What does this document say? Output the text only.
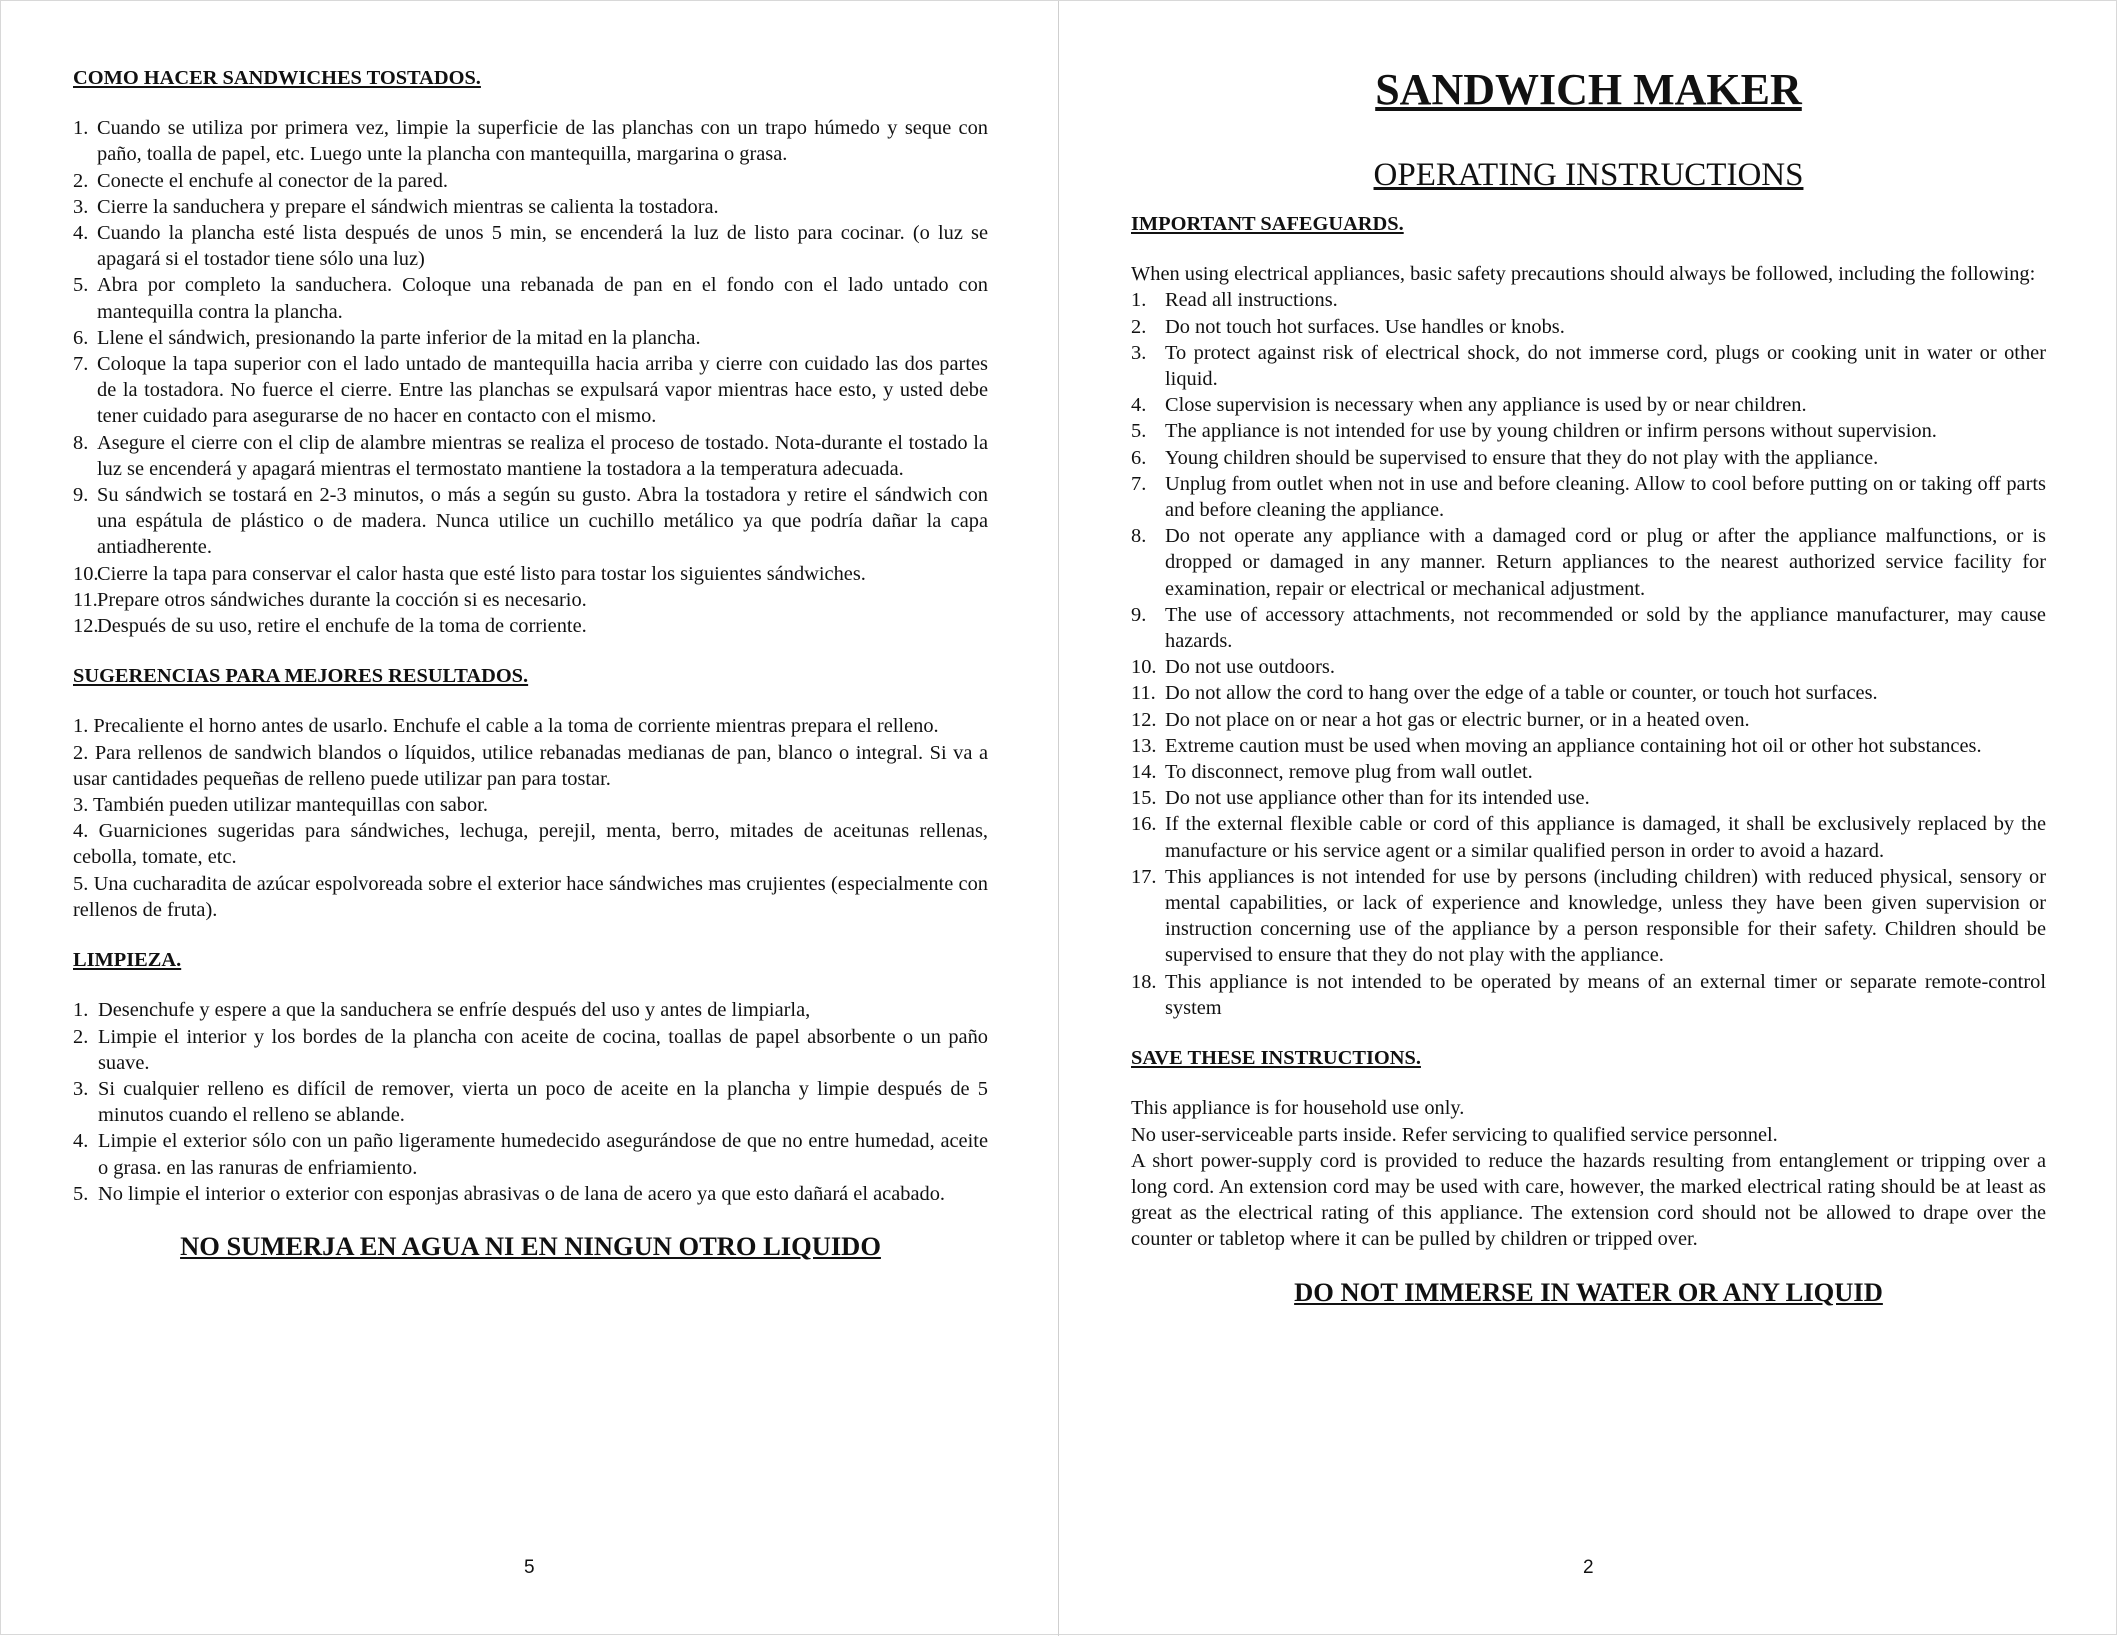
COMO HACER SANDWICHES TOSTADOS.

1. Cuando se utiliza por primera vez, limpie la superficie de las planchas con un trapo húmedo y seque con paño, toalla de papel, etc. Luego unte la plancha con mantequilla, margarina o grasa.
2. Conecte el enchufe al conector de la pared.
3. Cierre la sanduchera y prepare el sándwich mientras se calienta la tostadora.
4. Cuando la plancha esté lista después de unos 5 min, se encenderá la luz de listo para cocinar. (o luz se apagará si el tostador tiene sólo una luz)
5. Abra por completo la sanduchera. Coloque una rebanada de pan en el fondo con el lado untado con mantequilla contra la plancha.
6. Llene el sándwich, presionando la parte inferior de la mitad en la plancha.
7. Coloque la tapa superior con el lado untado de mantequilla hacia arriba y cierre con cuidado las dos partes de la tostadora. No fuerce el cierre. Entre las planchas se expulsará vapor mientras hace esto, y usted debe tener cuidado para asegurarse de no hacer en contacto con el mismo.
8. Asegure el cierre con el clip de alambre mientras se realiza el proceso de tostado. Nota-durante el tostado la luz se encenderá y apagará mientras el termostato mantiene la tostadora a la temperatura adecuada.
9. Su sándwich se tostará en 2-3 minutos, o más a según su gusto. Abra la tostadora y retire el sándwich con una espátula de plástico o de madera. Nunca utilice un cuchillo metálico ya que podría dañar la capa antiadherente.
10.
Cierre la tapa para conservar el calor hasta que esté listo para tostar los siguientes sándwiches.
11. Prepare otros sándwiches durante la cocción si es necesario.
12.
Después de su uso, retire el enchufe de la toma de corriente.

SUGERENCIAS PARA MEJORES RESULTADOS.

1. Precaliente el horno antes de usarlo. Enchufe el cable a la toma de corriente mientras prepara el relleno.
2. Para rellenos de sandwich blandos o líquidos, utilice rebanadas medianas de pan, blanco o integral. Si va a usar cantidades pequeñas de relleno puede utilizar pan para tostar.
3. También pueden utilizar mantequillas con sabor.
4. Guarniciones sugeridas para sándwiches, lechuga, perejil, menta, berro, mitades de aceitunas rellenas, cebolla, tomate, etc.
5. Una cucharadita de azúcar espolvoreada sobre el exterior hace sándwiches mas crujientes (especialmente con rellenos de fruta).

LIMPIEZA.

1. Desenchufe y espere a que la sanduchera se enfríe después del uso y antes de limpiarla,
2. Limpie el interior y los bordes de la plancha con aceite de cocina, toallas de papel absorbente o un paño suave.
3. Si cualquier relleno es difícil de remover, vierta un poco de aceite en la plancha y limpie después de 5 minutos cuando el relleno se ablande.
4. Limpie el exterior sólo con un paño ligeramente humedecido asegurándose de que no entre humedad, aceite o grasa. en las ranuras de enfriamiento.
5. No limpie el interior o exterior con esponjas abrasivas o de lana de acero ya que esto dañará el acabado.

NO SUMERJA EN AGUA NI EN NINGUN OTRO LIQUIDO

5

SANDWICH MAKER

OPERATING INSTRUCTIONS

IMPORTANT SAFEGUARDS.

When using electrical appliances, basic safety precautions should always be followed, including the following:

1. Read all instructions.
2. Do not touch hot surfaces. Use handles or knobs.
3. To protect against risk of electrical shock, do not immerse cord, plugs or cooking unit in water or other liquid.
4. Close supervision is necessary when any appliance is used by or near children.
5. The appliance is not intended for use by young children or infirm persons without supervision.
6. Young children should be supervised to ensure that they do not play with the appliance.
7. Unplug from outlet when not in use and before cleaning. Allow to cool before putting on or taking off parts and before cleaning the appliance.
8. Do not operate any appliance with a damaged cord or plug or after the appliance malfunctions, or is dropped or damaged in any manner. Return appliances to the nearest authorized service facility for examination, repair or electrical or mechanical adjustment.
9. The use of accessory attachments, not recommended or sold by the appliance manufacturer, may cause hazards.
10. Do not use outdoors.
11. Do not allow the cord to hang over the edge of a table or counter, or touch hot surfaces.
12. Do not place on or near a hot gas or electric burner, or in a heated oven.
13. Extreme caution must be used when moving an appliance containing hot oil or other hot substances.
14. To disconnect, remove plug from wall outlet.
15. Do not use appliance other than for its intended use.
16. If the external flexible cable or cord of this appliance is damaged, it shall be exclusively replaced by the manufacture or his service agent or a similar qualified person in order to avoid a hazard.
17. This appliances is not intended for use by persons (including children) with reduced physical, sensory or mental capabilities, or lack of experience and knowledge, unless they have been given supervision or instruction concerning use of the appliance by a person responsible for their safety. Children should be supervised to ensure that they do not play with the appliance.
18. This appliance is not intended to be operated by means of an external timer or separate remote-control system

SAVE THESE INSTRUCTIONS.

This appliance is for household use only.

No user-serviceable parts inside. Refer servicing to qualified service personnel.

A short power-supply cord is provided to reduce the hazards resulting from entanglement or tripping over a long cord. An extension cord may be used with care, however, the marked electrical rating should be at least as great as the electrical rating of this appliance. The extension cord should not be allowed to drape over the counter or tabletop where it can be pulled by children or tripped over.

DO NOT IMMERSE IN WATER OR ANY LIQUID

2
